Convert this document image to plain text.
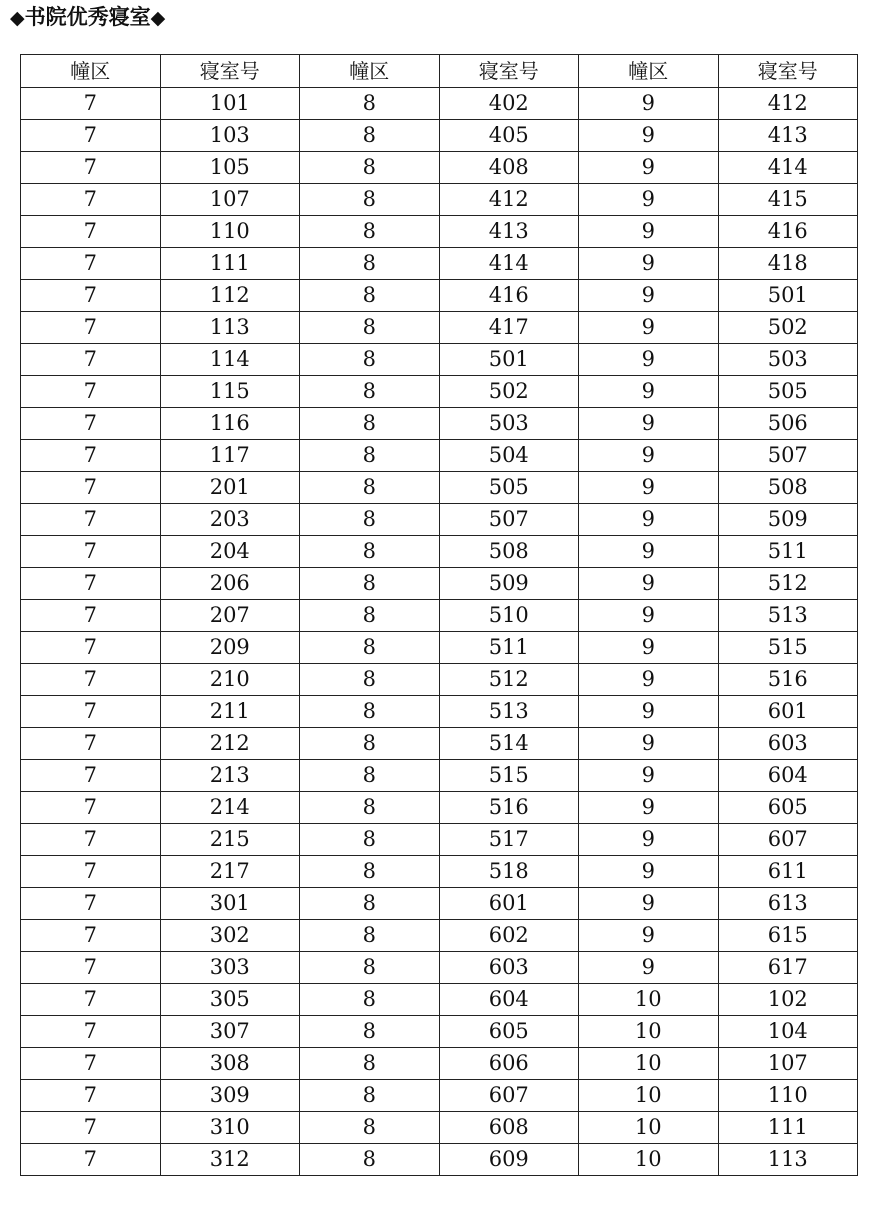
◆书院优秀寝室◆
幢区	寝室号	幢区	寝室号	幢区	寝室号
7	101	8	402	9	412
7	103	8	405	9	413
7	105	8	408	9	414
7	107	8	412	9	415
7	110	8	413	9	416
7	111	8	414	9	418
7	112	8	416	9	501
7	113	8	417	9	502
7	114	8	501	9	503
7	115	8	502	9	505
7	116	8	503	9	506
7	117	8	504	9	507
7	201	8	505	9	508
7	203	8	507	9	509
7	204	8	508	9	511
7	206	8	509	9	512
7	207	8	510	9	513
7	209	8	511	9	515
7	210	8	512	9	516
7	211	8	513	9	601
7	212	8	514	9	603
7	213	8	515	9	604
7	214	8	516	9	605
7	215	8	517	9	607
7	217	8	518	9	611
7	301	8	601	9	613
7	302	8	602	9	615
7	303	8	603	9	617
7	305	8	604	10	102
7	307	8	605	10	104
7	308	8	606	10	107
7	309	8	607	10	110
7	310	8	608	10	111
7	312	8	609	10	113
